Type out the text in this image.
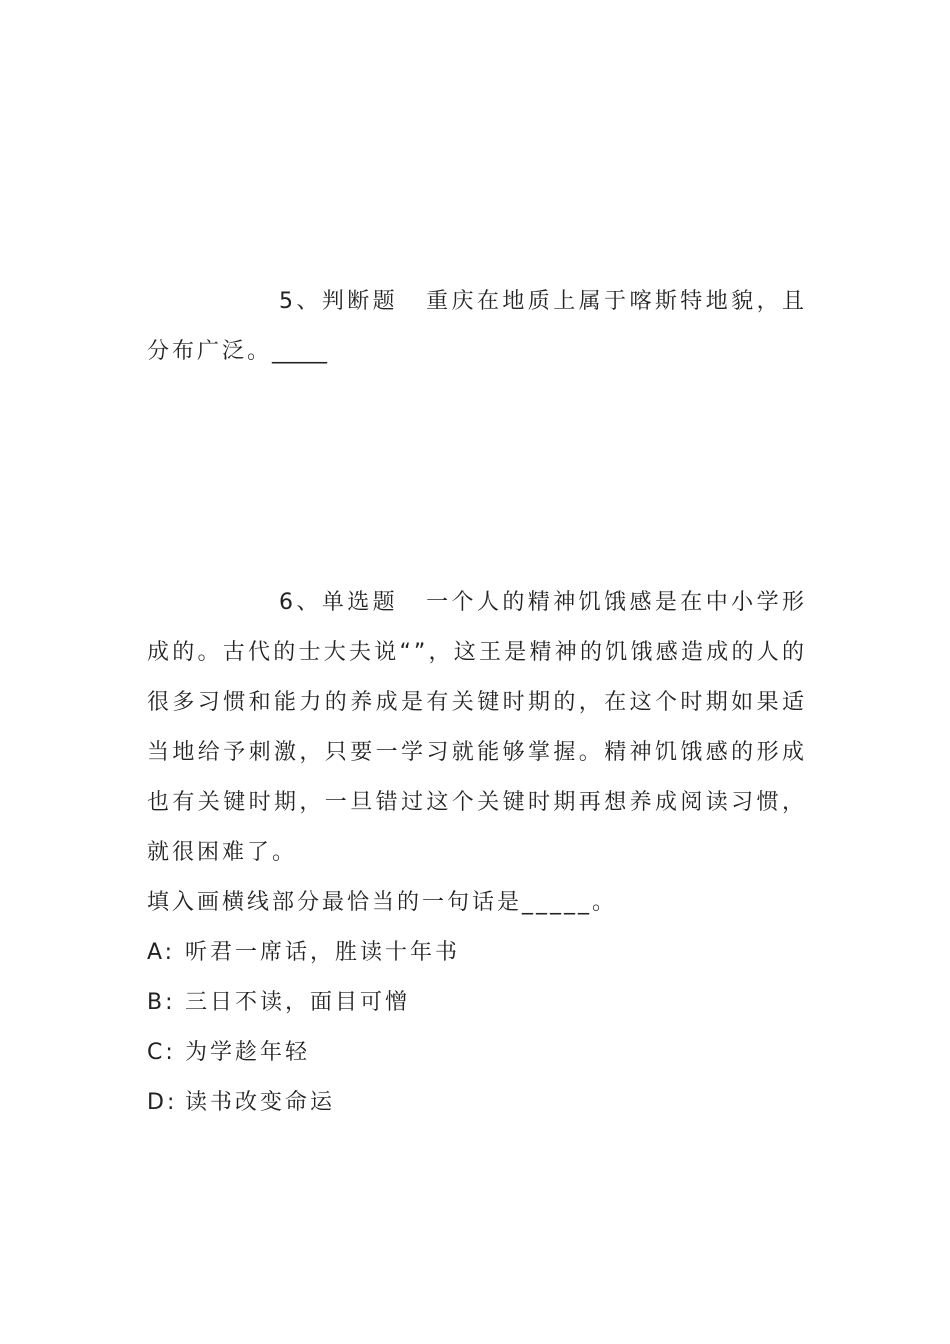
5、判断题 重庆在地质上属于喀斯特地貌，且分布广泛。_____

6、单选题 一个人的精神饥饿感是在中小学形成的。古代的士大夫说“”，这王是精神的饥饿感造成的人的很多习惯和能力的养成是有关键时期的，在这个时期如果适当地给予刺激，只要一学习就能够掌握。精神饥饿感的形成也有关键时期，一旦错过这个关键时期再想养成阅读习惯，就很困难了。

填入画横线部分最恰当的一句话是_____。

A: 听君一席话，胜读十年书
B: 三日不读，面目可憎
C: 为学趁年轻
D: 读书改变命运
